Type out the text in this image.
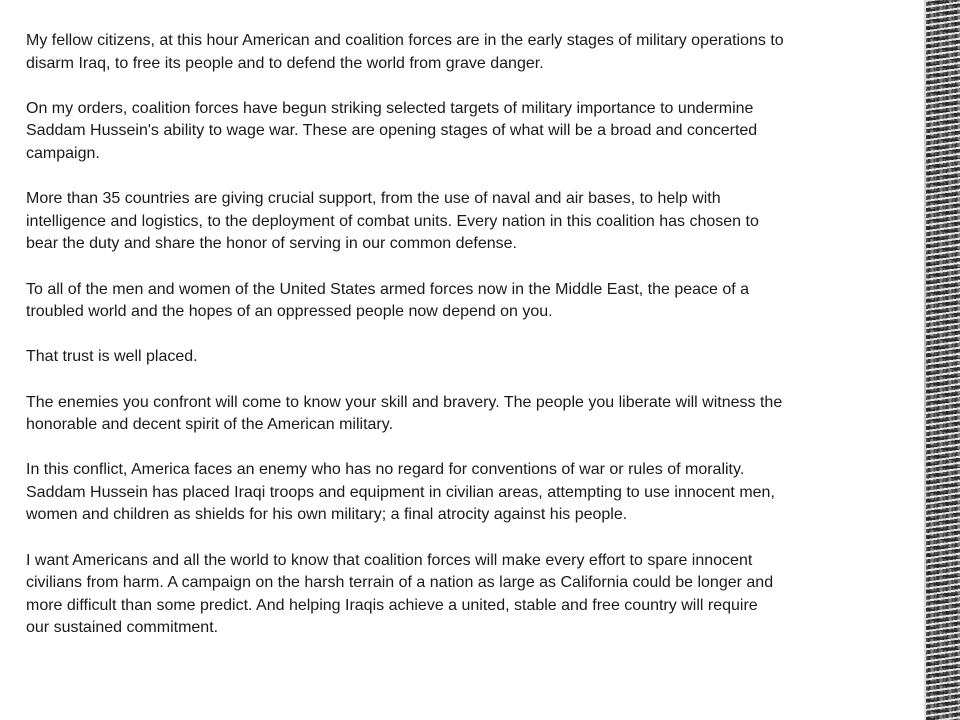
My fellow citizens, at this hour American and coalition forces are in the early stages of military operations to
disarm Iraq, to free its people and to defend the world from grave danger.

On my orders, coalition forces have begun striking selected targets of military importance to undermine
Saddam Hussein's ability to wage war. These are opening stages of what will be a broad and concerted
campaign.

More than 35 countries are giving crucial support, from the use of naval and air bases, to help with
intelligence and logistics, to the deployment of combat units. Every nation in this coalition has chosen to
bear the duty and share the honor of serving in our common defense.

To all of the men and women of the United States armed forces now in the Middle East, the peace of a
troubled world and the hopes of an oppressed people now depend on you.

That trust is well placed.

The enemies you confront will come to know your skill and bravery. The people you liberate will witness the
honorable and decent spirit of the American military.

In this conflict, America faces an enemy who has no regard for conventions of war or rules of morality.
Saddam Hussein has placed Iraqi troops and equipment in civilian areas, attempting to use innocent men,
women and children as shields for his own military; a final atrocity against his people.

I want Americans and all the world to know that coalition forces will make every effort to spare innocent
civilians from harm. A campaign on the harsh terrain of a nation as large as California could be longer and
more difficult than some predict. And helping Iraqis achieve a united, stable and free country will require
our sustained commitment.
